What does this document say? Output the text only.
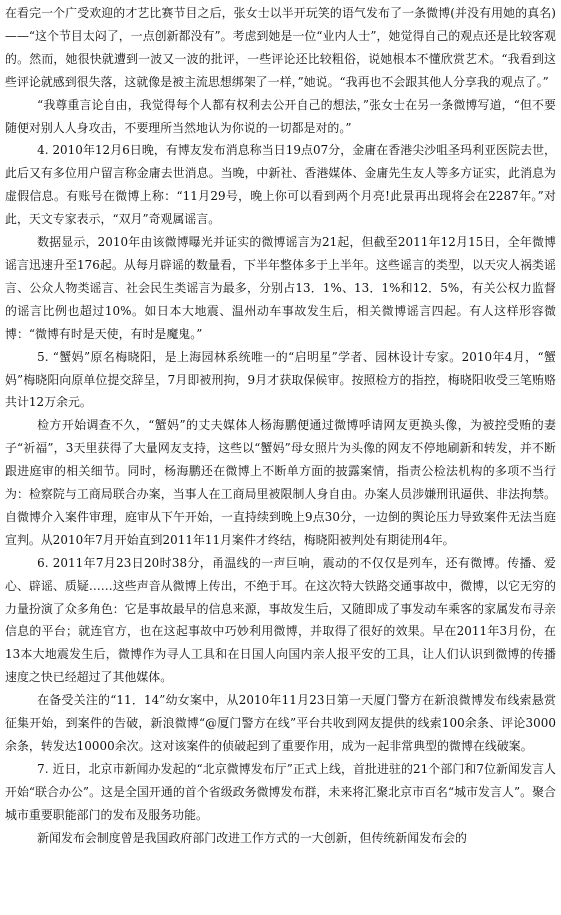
在看完一个广受欢迎的才艺比赛节目之后，张女士以半开玩笑的语气发布了一条微博(并没有用她的真名)——“这个节目太闷了，一点创新都没有”。考虑到她是一位“业内人士”，她觉得自己的观点还是比较客观的。然而，她很快就遭到一波又一波的批评，一些评论还比较粗俗，说她根本不懂欣赏艺术。“我看到这些评论就感到很失落，这就像是被主流思想绑架了一样，”她说。“我再也不会跟其他人分享我的观点了。”

“我尊重言论自由，我觉得每个人都有权利去公开自己的想法，”张女士在另一条微博写道，“但不要随便对别人人身攻击，不要理所当然地认为你说的一切都是对的。”

4. 2010年12月6日晚，有博友发布消息称当日19点07分，金庸在香港尖沙咀圣玛利亚医院去世，此后又有多位用户留言称金庸去世消息。当晚，中新社、香港媒体、金庸先生友人等多方证实，此消息为虚假信息。有账号在微博上称：“11月29号，晚上你可以看到两个月亮!此景再出现将会在2287年。”对此，天文专家表示，“双月”奇观属谣言。

数据显示，2010年由该微博曝光并证实的微博谣言为21起，但截至2011年12月15日，全年微博谣言迅速升至176起。从每月辟谣的数量看，下半年整体多于上半年。这些谣言的类型，以天灾人祸类谣言、公众人物类谣言、社会民生类谣言为最多，分别占13．1%、13．1%和12．5%，有关公权力监督的谣言比例也超过10%。如日本大地震、温州动车事故发生后，相关微博谣言四起。有人这样形容微博：“微博有时是天使，有时是魔鬼。”

5. “蟹妈”原名梅晓阳，是上海园林系统唯一的“启明星”学者、园林设计专家。2010年4月，“蟹妈”梅晓阳向原单位提交辞呈，7月即被刑拘，9月才获取保候审。按照检方的指控，梅晓阳收受三笔贿赂共计12万余元。

检方开始调查不久，“蟹妈”的丈夫媒体人杨海鹏便通过微博呼请网友更换头像，为被控受贿的妻子“祈福”，3天里获得了大量网友支持，这些以“蟹妈”母女照片为头像的网友不停地刷新和转发，并不断跟进庭审的相关细节。同时，杨海鹏还在微博上不断单方面的披露案情，指责公检法机构的多项不当行为：检察院与工商局联合办案，当事人在工商局里被限制人身自由。办案人员涉嫌刑讯逼供、非法拘禁。自微博介入案件审理，庭审从下午开始，一直持续到晚上9点30分，一边倒的舆论压力导致案件无法当庭宣判。从2010年7月开始直到2011年11月案件才终结，梅晓阳被判处有期徒刑4年。

6. 2011年7月23日20时38分，甬温线的一声巨响，震动的不仅仅是列车，还有微博。传播、爱心、辟谣、质疑……这些声音从微博上传出，不绝于耳。在这次特大铁路交通事故中，微博，以它无穷的力量扮演了众多角色：它是事故最早的信息来源，事故发生后，又随即成了事发动车乘客的家属发布寻亲信息的平台；就连官方，也在这起事故中巧妙利用微博，并取得了很好的效果。早在2011年3月份，在13本大地震发生后，微博作为寻人工具和在日国人向国内亲人报平安的工具，让人们认识到微博的传播速度之快已经超过了其他媒体。

在备受关注的“11．14”幼女案中，从2010年11月23日第一天厦门警方在新浪微博发布线索悬赏征集开始，到案件的告破，新浪微博“@厦门警方在线”平台共收到网友提供的线索100余条、评论3000余条，转发达10000余次。这对该案件的侦破起到了重要作用，成为一起非常典型的微博在线破案。

7. 近日，北京市新闻办发起的“北京微博发布厅”正式上线，首批进驻的21个部门和7位新闻发言人开始“联合办公”。这是全国开通的首个省级政务微博发布群，未来将汇聚北京市百名“城市发言人”。聚合城市重要职能部门的发布及服务功能。

新闻发布会制度曾是我国政府部门改进工作方式的一大创新，但传统新闻发布会的
